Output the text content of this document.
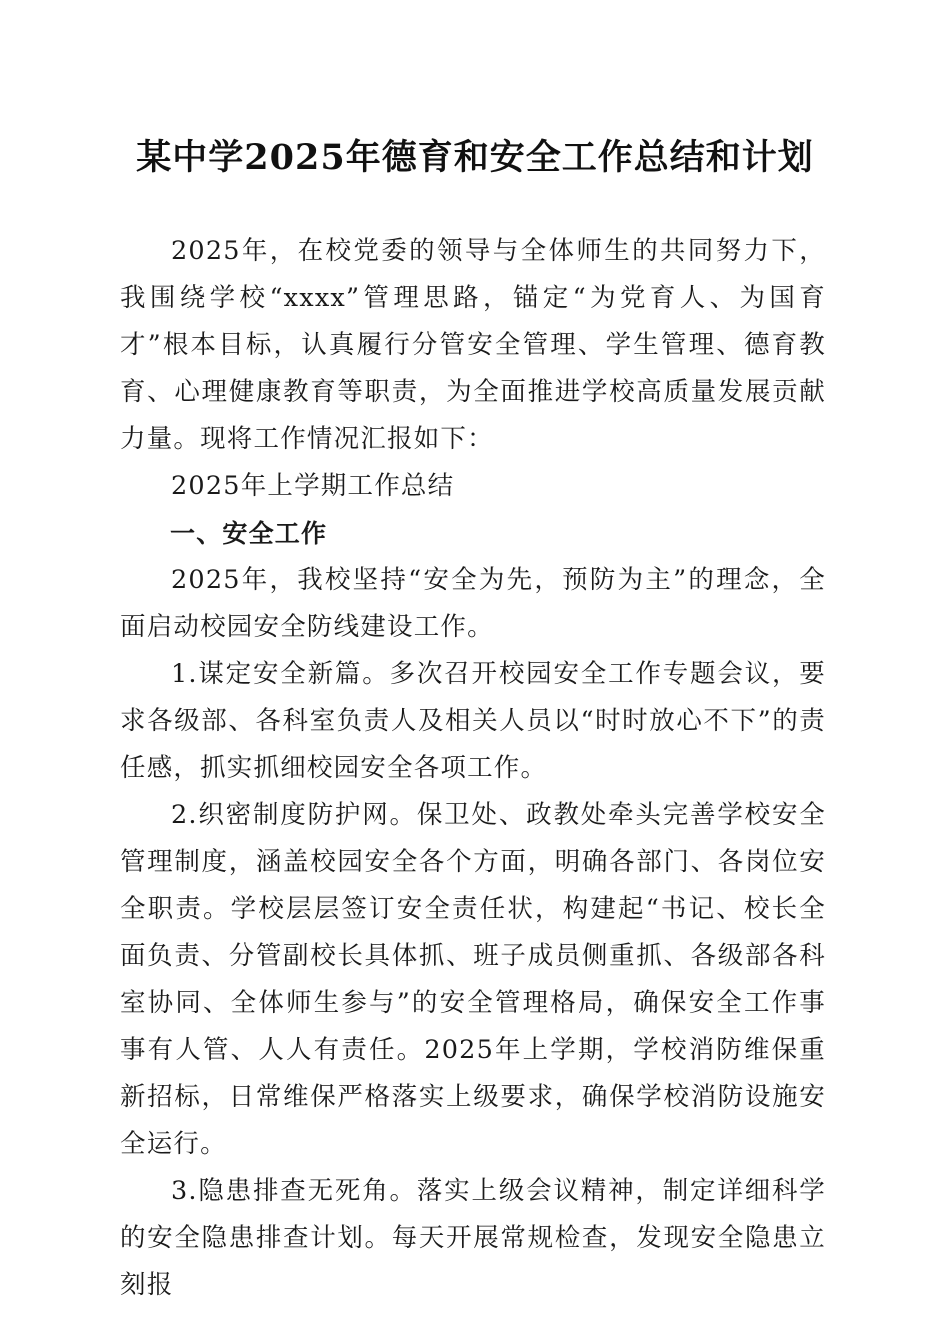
某中学2025年德育和安全工作总结和计划

2025年，在校党委的领导与全体师生的共同努力下，我围绕学校“xxxx”管理思路，锚定“为党育人、为国育才”根本目标，认真履行分管安全管理、学生管理、德育教育、心理健康教育等职责，为全面推进学校高质量发展贡献力量。现将工作情况汇报如下：

2025年上学期工作总结

一、安全工作

2025年，我校坚持“安全为先，预防为主”的理念，全面启动校园安全防线建设工作。

1.谋定安全新篇。多次召开校园安全工作专题会议，要求各级部、各科室负责人及相关人员以“时时放心不下”的责任感，抓实抓细校园安全各项工作。

2.织密制度防护网。保卫处、政教处牵头完善学校安全管理制度，涵盖校园安全各个方面，明确各部门、各岗位安全职责。学校层层签订安全责任状，构建起“书记、校长全面负责、分管副校长具体抓、班子成员侧重抓、各级部各科室协同、全体师生参与”的安全管理格局，确保安全工作事事有人管、人人有责任。2025年上学期，学校消防维保重新招标，日常维保严格落实上级要求，确保学校消防设施安全运行。

3.隐患排查无死角。落实上级会议精神，制定详细科学的安全隐患排查计划。每天开展常规检查，发现安全隐患立刻报
